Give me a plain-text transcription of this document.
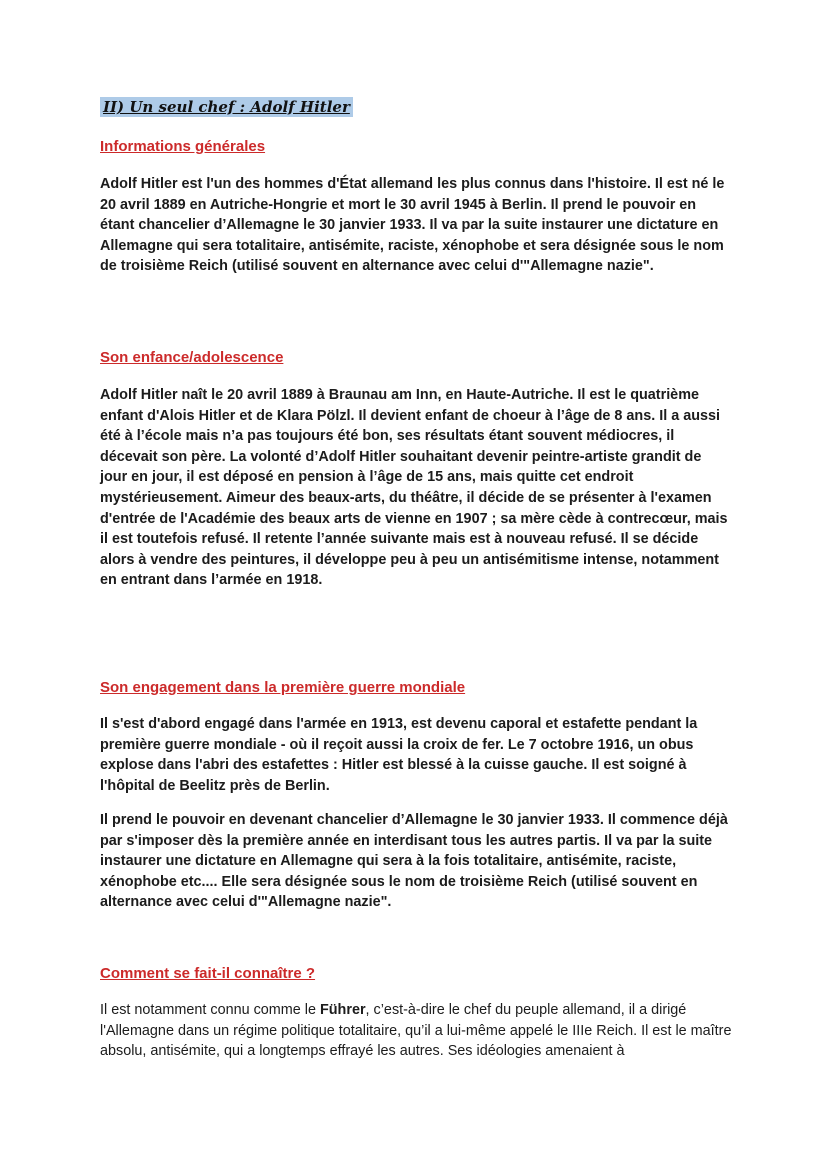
II) Un seul chef : Adolf Hitler
Informations générales

Adolf Hitler est l'un des hommes d'État allemand les plus connus dans l'histoire. Il est né le 20 avril 1889 en Autriche-Hongrie et mort le 30 avril 1945 à Berlin. Il prend le pouvoir en étant chancelier d’Allemagne le 30 janvier 1933. Il va par la suite instaurer une dictature en Allemagne qui sera totalitaire, antisémite, raciste, xénophobe et sera désignée sous le nom de troisième Reich (utilisé souvent en alternance avec celui d'"Allemagne nazie".

Son enfance/adolescence

Adolf Hitler naît le 20 avril 1889 à Braunau am Inn, en Haute-Autriche. Il est le quatrième enfant d'Alois Hitler et de Klara Pölzl. Il devient enfant de choeur à l’âge de 8 ans. Il a aussi été à l’école mais n’a pas toujours été bon, ses résultats étant souvent médiocres, il décevait son père. La volonté d’Adolf Hitler souhaitant devenir peintre-artiste grandit de jour en jour, il est déposé en pension à l’âge de 15 ans, mais quitte cet endroit mystérieusement. Aimeur des beaux-arts, du théâtre, il décide de se présenter à l'examen d'entrée de l'Académie des beaux arts de vienne en 1907 ; sa mère cède à contrecœur, mais il est toutefois refusé. Il retente l’année suivante mais est à nouveau refusé. Il se décide alors à vendre des peintures, il développe peu à peu un antisémitisme intense, notamment en entrant dans l’armée en 1918.

Son engagement dans la première guerre mondiale

Il s'est d'abord engagé dans l'armée en 1913, est devenu caporal et estafette pendant la première guerre mondiale - où il reçoit aussi la croix de fer. Le 7 octobre 1916, un obus explose dans l'abri des estafettes : Hitler est blessé à la cuisse gauche. Il est soigné à l'hôpital de Beelitz près de Berlin.

Il prend le pouvoir en devenant chancelier d’Allemagne le 30 janvier 1933. Il commence déjà par s'imposer dès la première année en interdisant tous les autres partis. Il va par la suite instaurer une dictature en Allemagne qui sera à la fois totalitaire, antisémite, raciste, xénophobe etc.... Elle sera désignée sous le nom de troisième Reich (utilisé souvent en alternance avec celui d'"Allemagne nazie".

Comment se fait-il connaître ?

Il est notamment connu comme le Führer, c’est-à-dire le chef du peuple allemand, il a dirigé l'Allemagne dans un régime politique totalitaire, qu’il a lui-même appelé le IIIe Reich. Il est le maître absolu, antisémite, qui a longtemps effrayé les autres. Ses idéologies amenaient à
